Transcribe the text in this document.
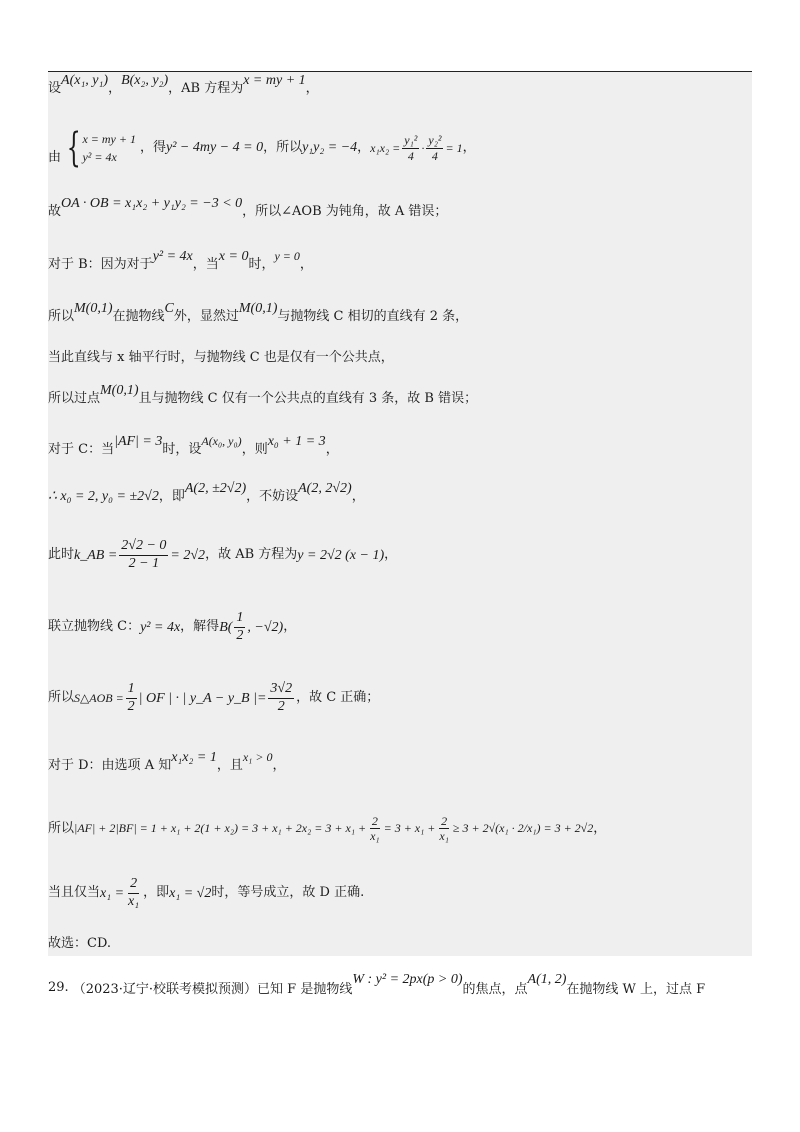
设
A(x₁, y₁)
，
B(x₂, y₂)
，AB 方程为
x = my + 1
，
由 { x = my + 1
y² = 4x
，得 y² − 4my − 4 = 0 ，所以 y₁y₂ = −4 ， $x_1x_2 = \frac{\text{y₁²}}{4} \cdot \frac{\text{y₂²}}{4} = 1$ ，
故
OA · OB = x₁x₂ + y₁y₂ = −3 < 0
，所以∠AOB 为钝角，故 A 错误；
对于 B：因为对于
y² = 4x
，当
x = 0
时，
y = 0
，
所以
M(0,1)
在抛物线
C
外，显然过
M(0,1)
与抛物线 C 相切的直线有 2 条，
当此直线与 x 轴平行时，与抛物线 C 也是仅有一个公共点，
所以过点
M(0,1)
且与抛物线 C 仅有一个公共点的直线有 3 条，故 B 错误；
对于 C：当
|AF| = 3
时，设
A(x₀, y₀)
，则
x₀ + 1 = 3
，
∴ x₀ = 2, y₀ = ±2√2 ，即
A(2, ±2√2)
，不妨设
A(2, 2√2)
，
此时 k_AB = $\frac{2√2 - 0}{2 - 1} = 2√2$ ，故 AB 方程为 y = 2√2 (x − 1) ，
联立抛物线 C： y² = 4x ，解得 $B( \frac{1}{2}$ , −√2) ，
所以 S△AOB = $\frac{1}{2}$ | OF | · | y_A − y_B |= $\frac{3√2}{2}$ ，故 C 正确；
对于 D：由选项 A 知
x₁x₂ = 1
，且
x₁ > 0
，
所以 $|AF| + 2|BF| = 1 + x_1 + 2(1 + x_2) = 3 + x_1 + 2x_2 = 3 + x_1 + \frac{2}{\text{x₁}} = 3 + x_1 + \frac{2}{\text{x₁}} \ge 3 + 2√(x_1 \cdot 2/x_1) = 3 + 2√2$ ，
当且仅当 $x_1 = \frac{2}{\text{x₁}}$ ，即 x₁ = √2 时，等号成立，故 D 正确.
故选：CD.
29. （2023·辽宁·校联考模拟预测） 已知 F 是抛物线
W : y² = 2px(p > 0)
的焦点，点
A(1, 2)
在抛物线 W 上，过点 F
